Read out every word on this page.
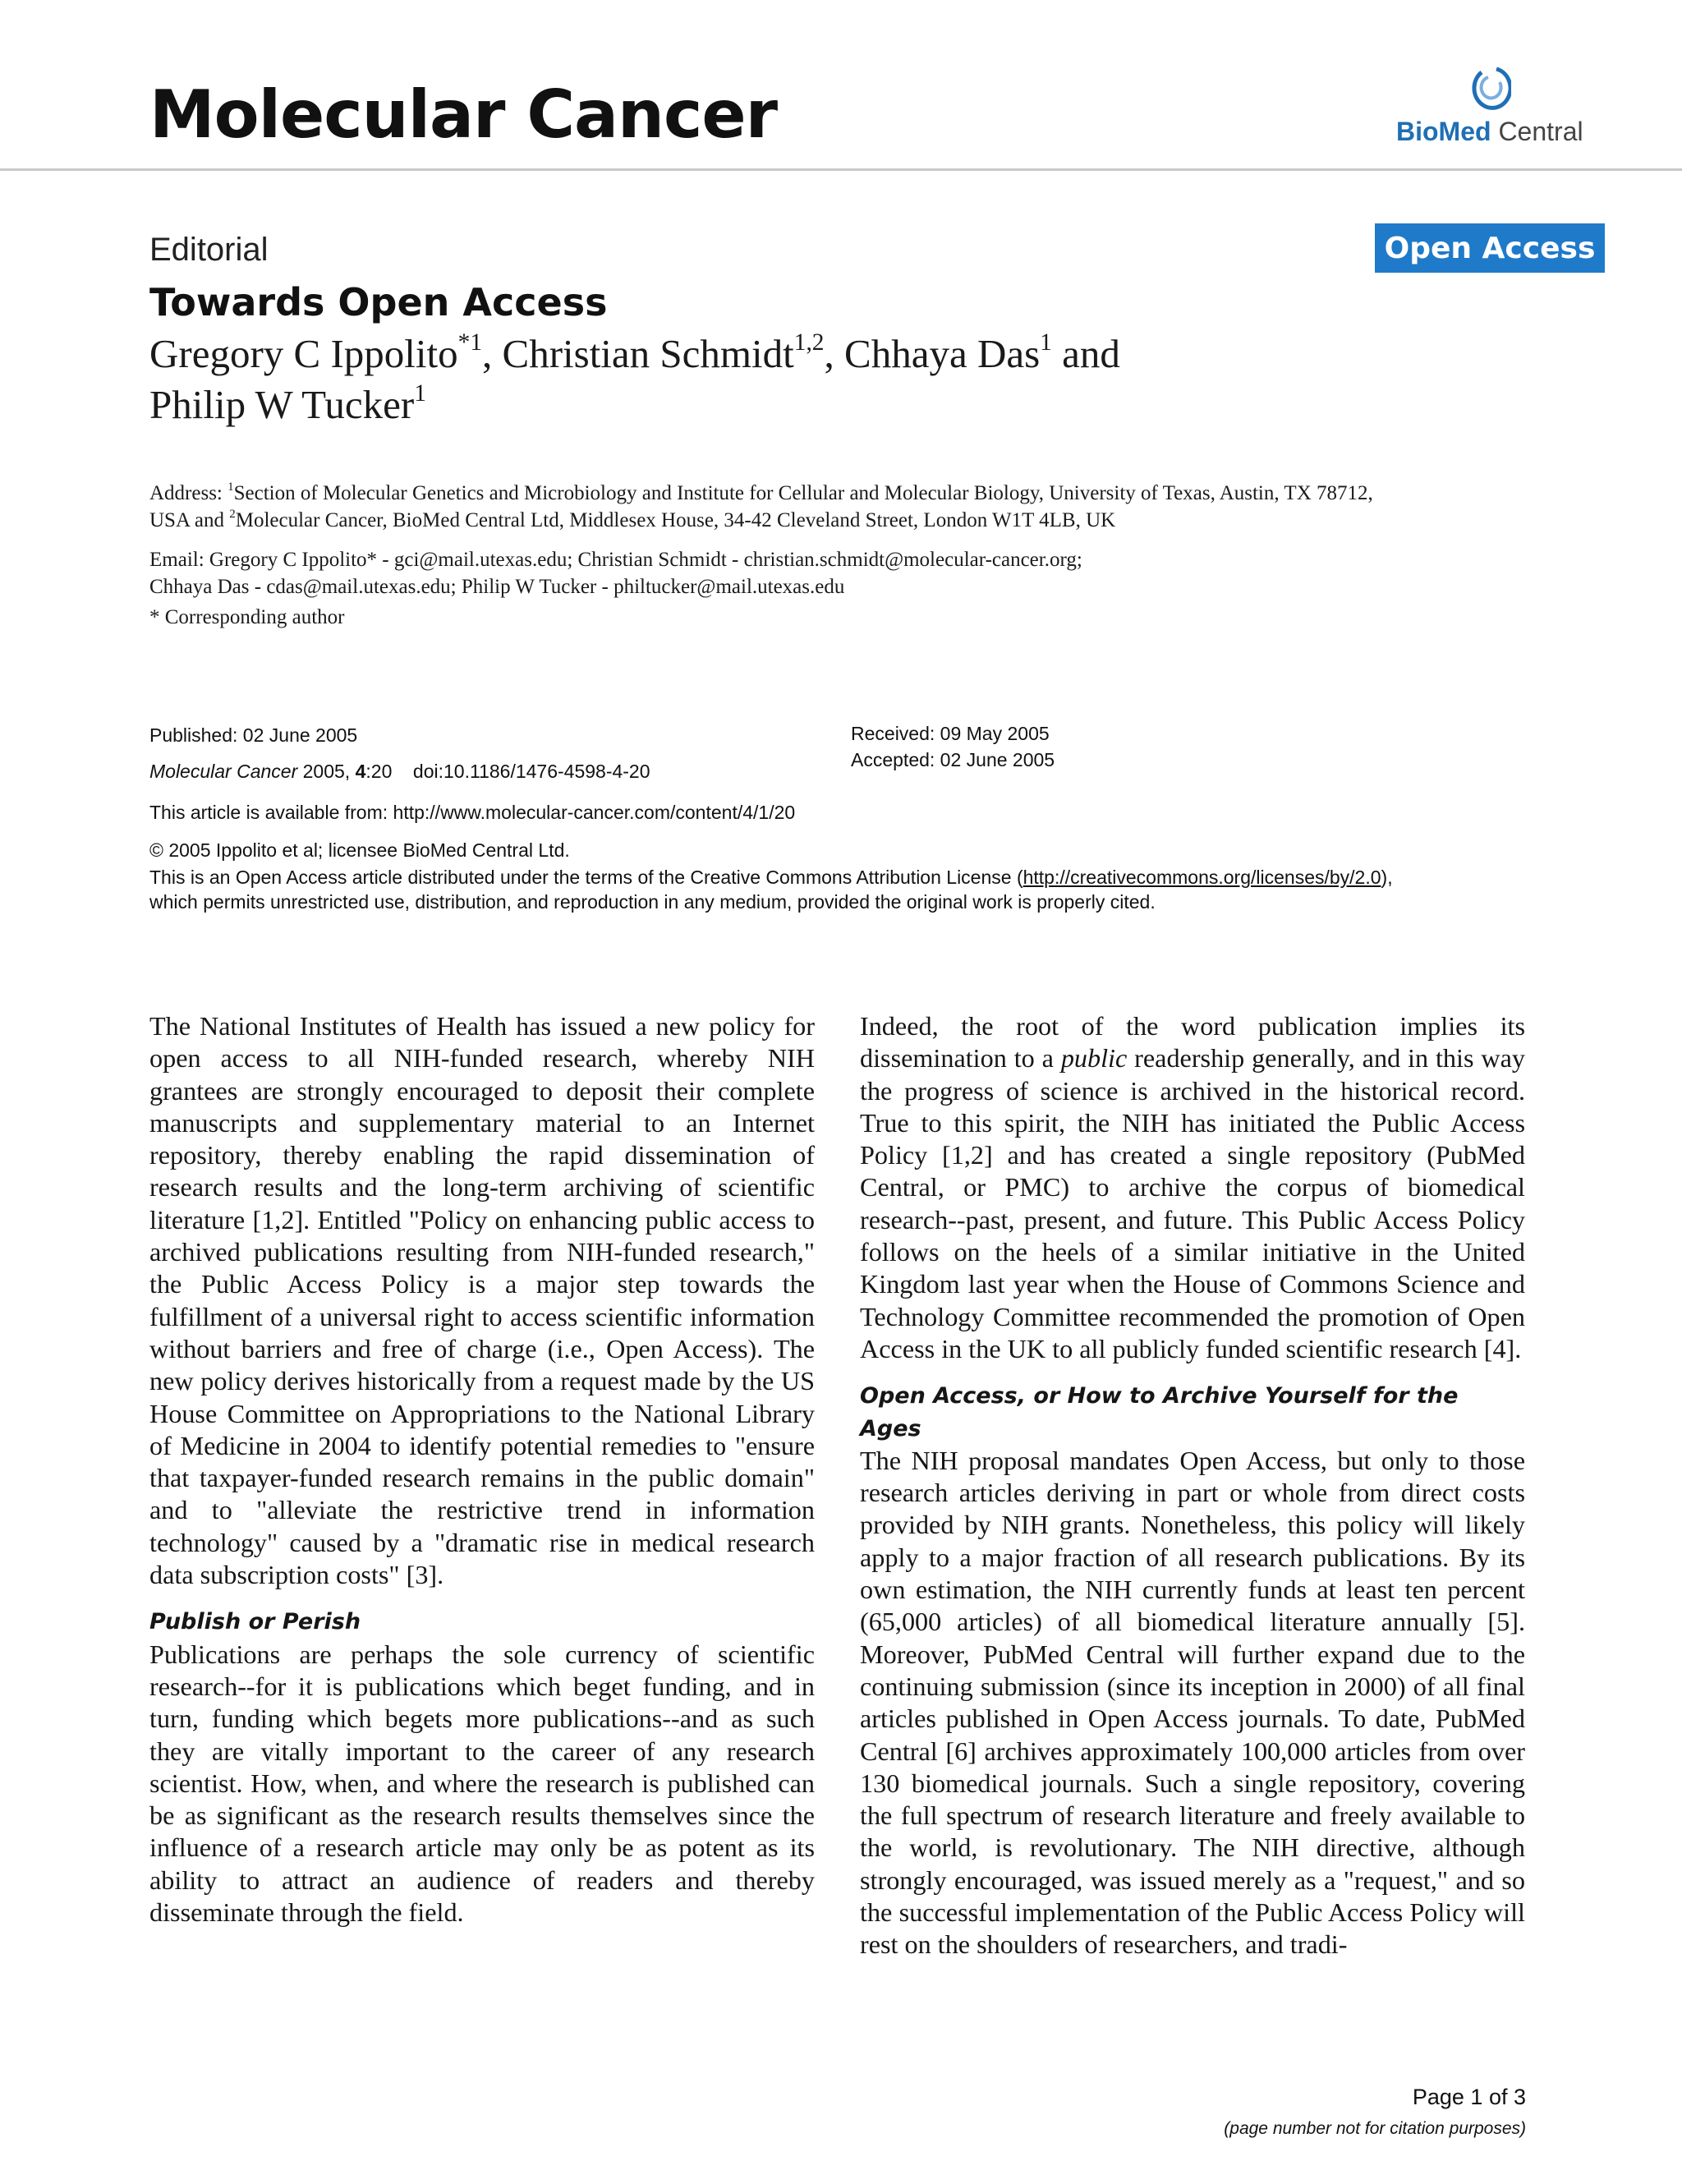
Molecular Cancer	BioMed Central
Editorial	Open Access
Towards Open Access
Gregory C Ippolito$^{*1}$, Christian Schmidt$^{1,2}$, Chhaya Das$^1$ and
Philip W Tucker$^1$
Address: $^1$Section of Molecular Genetics and Microbiology and Institute for Cellular and Molecular Biology, University of Texas, Austin, TX 78712,
USA and $^2$Molecular Cancer, BioMed Central Ltd, Middlesex House, 34-42 Cleveland Street, London W1T 4LB, UK
Email: Gregory C Ippolito* - gci@mail.utexas.edu; Christian Schmidt - christian.schmidt@molecular-cancer.org;
Chhaya Das - cdas@mail.utexas.edu; Philip W Tucker - philtucker@mail.utexas.edu
* Corresponding author
Published: 02 June 2005
Molecular Cancer 2005, 4:20    doi:10.1186/1476-4598-4-20
Received: 09 May 2005
Accepted: 02 June 2005
This article is available from: http://www.molecular-cancer.com/content/4/1/20
© 2005 Ippolito et al; licensee BioMed Central Ltd.
This is an Open Access article distributed under the terms of the Creative Commons Attribution License (http://creativecommons.org/licenses/by/2.0),
which permits unrestricted use, distribution, and reproduction in any medium, provided the original work is properly cited.

The National Institutes of Health has issued a new policy for open access to all NIH-funded research, whereby NIH grantees are strongly encouraged to deposit their complete manuscripts and supplementary material to an Internet repository, thereby enabling the rapid dissemination of research results and the long-term archiving of scientific literature [1,2]. Entitled "Policy on enhancing public access to archived publications resulting from NIH-funded research," the Public Access Policy is a major step towards the fulfillment of a universal right to access scientific information without barriers and free of charge (i.e., Open Access). The new policy derives historically from a request made by the US House Committee on Appropriations to the National Library of Medicine in 2004 to identify potential remedies to "ensure that taxpayer-funded research remains in the public domain" and to "alleviate the restrictive trend in information technology" caused by a "dramatic rise in medical research data subscription costs" [3].

Publish or Perish

Publications are perhaps the sole currency of scientific research--for it is publications which beget funding, and in turn, funding which begets more publications--and as such they are vitally important to the career of any research scientist. How, when, and where the research is published can be as significant as the research results themselves since the influence of a research article may only be as potent as its ability to attract an audience of readers and thereby disseminate through the field.

Indeed, the root of the word publication implies its dissemination to a public readership generally, and in this way the progress of science is archived in the historical record. True to this spirit, the NIH has initiated the Public Access Policy [1,2] and has created a single repository (PubMed Central, or PMC) to archive the corpus of biomedical research--past, present, and future. This Public Access Policy follows on the heels of a similar initiative in the United Kingdom last year when the House of Commons Science and Technology Committee recommended the promotion of Open Access in the UK to all publicly funded scientific research [4].

Open Access, or How to Archive Yourself for the Ages

The NIH proposal mandates Open Access, but only to those research articles deriving in part or whole from direct costs provided by NIH grants. Nonetheless, this policy will likely apply to a major fraction of all research publications. By its own estimation, the NIH currently funds at least ten percent (65,000 articles) of all biomedical literature annually [5]. Moreover, PubMed Central will further expand due to the continuing submission (since its inception in 2000) of all final articles published in Open Access journals. To date, PubMed Central [6] archives approximately 100,000 articles from over 130 biomedical journals. Such a single repository, covering the full spectrum of research literature and freely available to the world, is revolutionary. The NIH directive, although strongly encouraged, was issued merely as a "request," and so the successful implementation of the Public Access Policy will rest on the shoulders of researchers, and tradi-

Page 1 of 3
(page number not for citation purposes)
